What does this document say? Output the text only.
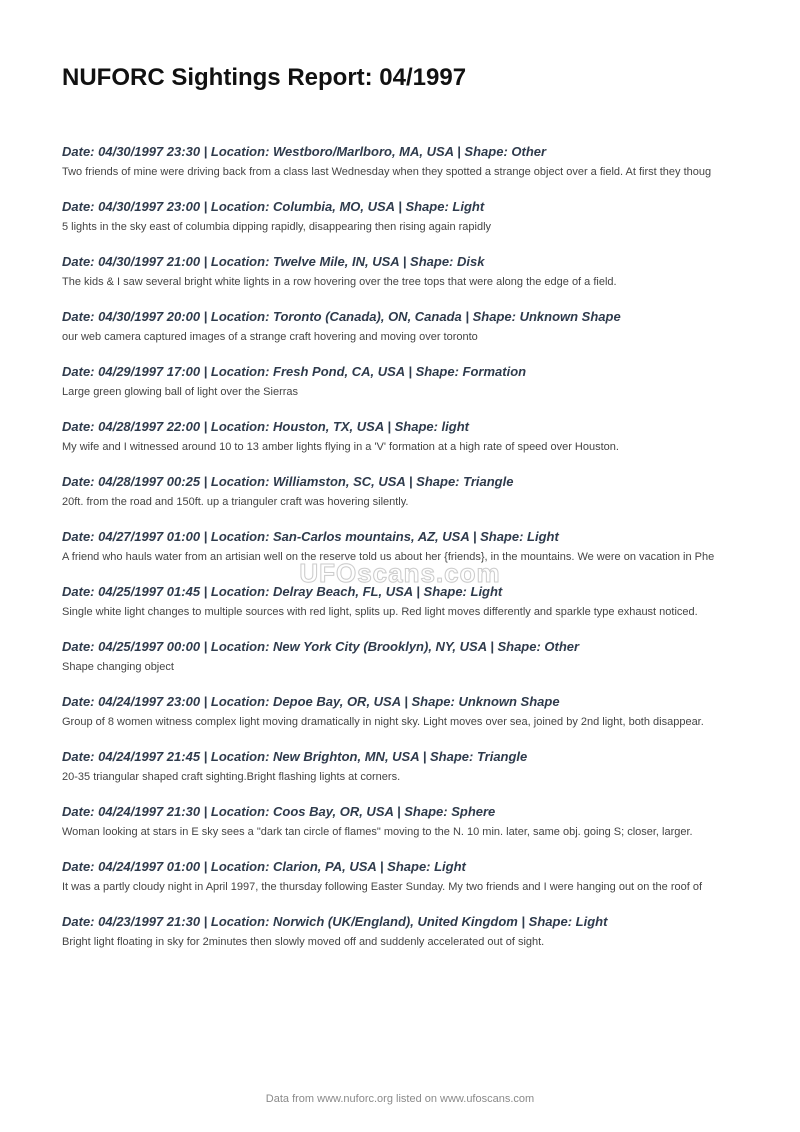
NUFORC Sightings Report: 04/1997
Date: 04/30/1997 23:30 | Location: Westboro/Marlboro, MA, USA | Shape: Other

Two friends of mine were driving back from a class last Wednesday when they spotted a strange object over a field. At first they thoug

Date: 04/30/1997 23:00 | Location: Columbia, MO, USA | Shape: Light

5 lights in the sky east of columbia dipping rapidly, disappearing then rising again rapidly

Date: 04/30/1997 21:00 | Location: Twelve Mile, IN, USA | Shape: Disk

The kids & I saw several bright white lights in a row hovering over the tree tops that were along the edge of a field.

Date: 04/30/1997 20:00 | Location: Toronto (Canada), ON, Canada | Shape: Unknown Shape

our web camera captured images of a strange craft hovering and moving over toronto

Date: 04/29/1997 17:00 | Location: Fresh Pond, CA, USA | Shape: Formation

Large green glowing ball of light over the Sierras

Date: 04/28/1997 22:00 | Location: Houston, TX, USA | Shape: light

My wife and I witnessed around 10 to 13 amber lights flying in a 'V' formation at a high rate of speed over Houston.

Date: 04/28/1997 00:25 | Location: Williamston, SC, USA | Shape: Triangle

20ft. from the road and 150ft. up a trianguler craft was hovering silently.

Date: 04/27/1997 01:00 | Location: San-Carlos mountains, AZ, USA | Shape: Light

A friend who hauls water from an artisian well on the reserve told us about her {friends}, in the mountains. We were on vacation in Phe

Date: 04/25/1997 01:45 | Location: Delray Beach, FL, USA | Shape: Light

Single white light changes to multiple sources with red light, splits up. Red light moves differently and sparkle type exhaust noticed.

Date: 04/25/1997 00:00 | Location: New York City (Brooklyn), NY, USA | Shape: Other

Shape changing object

Date: 04/24/1997 23:00 | Location: Depoe Bay, OR, USA | Shape: Unknown Shape

Group of 8 women witness complex light moving dramatically in night sky. Light moves over sea, joined by 2nd light, both disappear.

Date: 04/24/1997 21:45 | Location: New Brighton, MN, USA | Shape: Triangle

20-35 triangular shaped craft sighting.Bright flashing lights at corners.

Date: 04/24/1997 21:30 | Location: Coos Bay, OR, USA | Shape: Sphere

Woman looking at stars in E sky sees a "dark tan circle of flames" moving to the N. 10 min. later, same obj. going S; closer, larger.

Date: 04/24/1997 01:00 | Location: Clarion, PA, USA | Shape: Light

It was a partly cloudy night in April 1997, the thursday following Easter Sunday. My two friends and I were hanging out on the roof of

Date: 04/23/1997 21:30 | Location: Norwich (UK/England), United Kingdom | Shape: Light

Bright light floating in sky for 2minutes then slowly moved off and suddenly accelerated out of sight.

UFOscans.com
Data from www.nuforc.org listed on www.ufoscans.com
